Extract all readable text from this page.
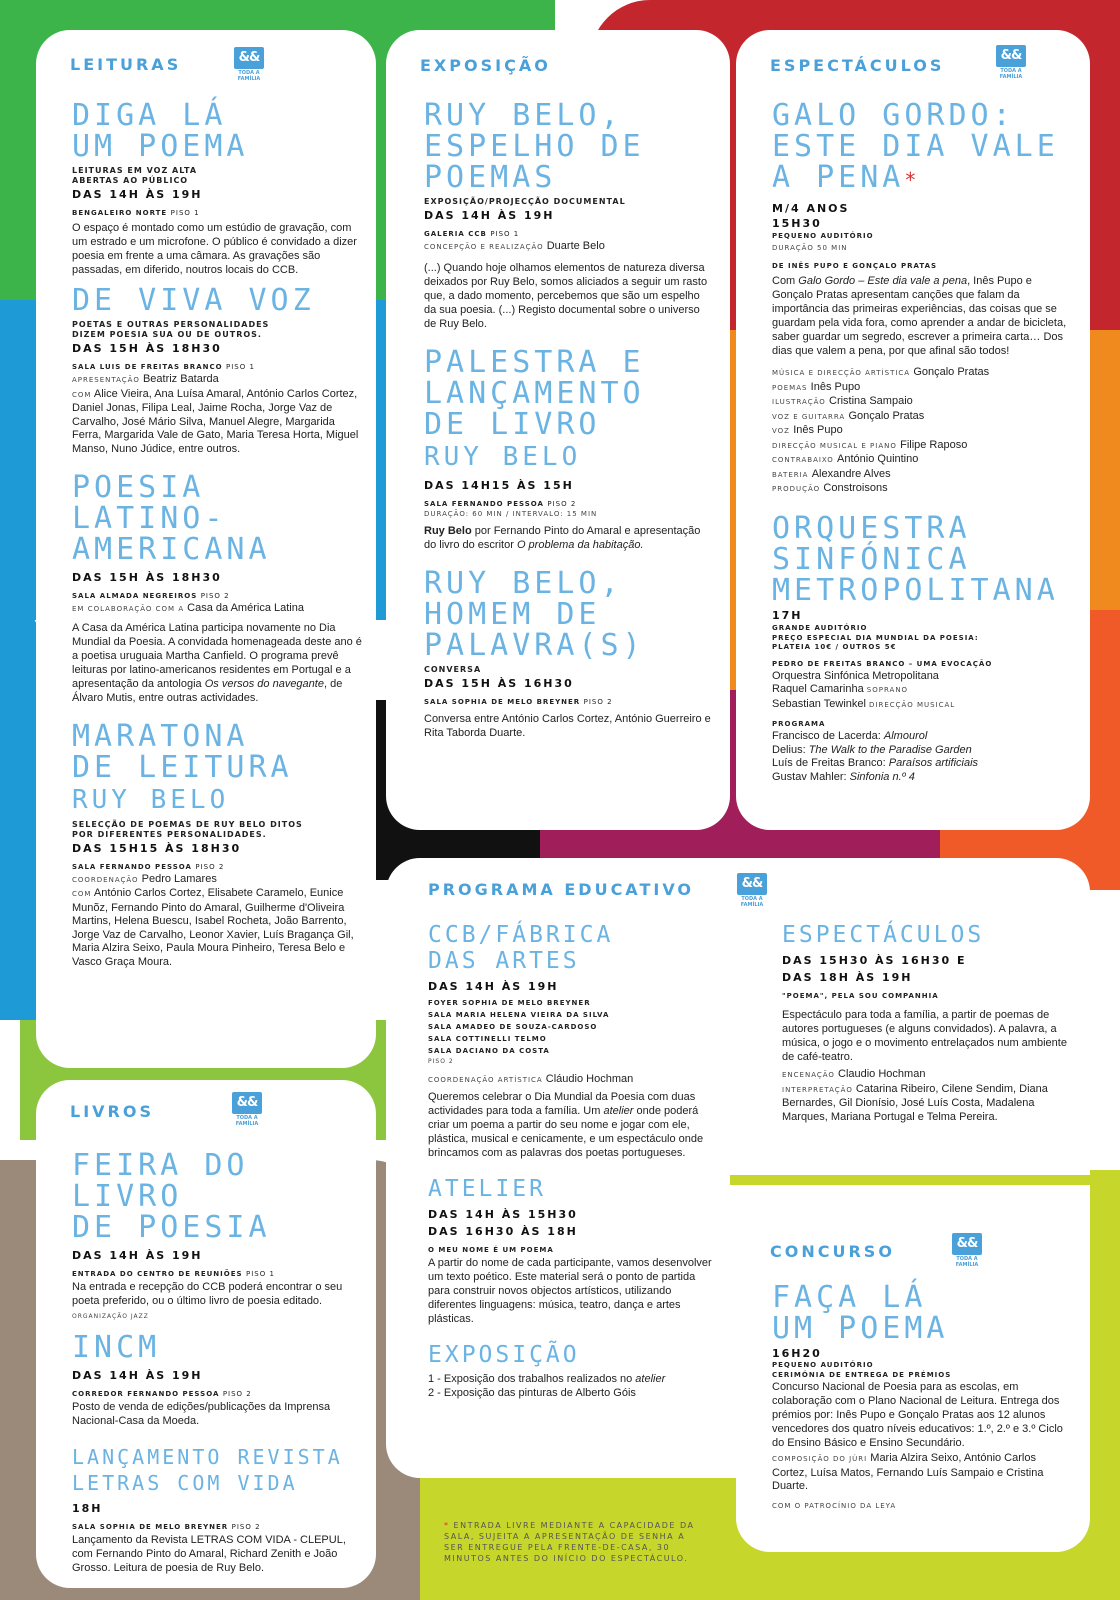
LEITURAS	&&
TODA A FAMÍLIA
DIGA LÁ
UM POEMA
LEITURAS EM VOZ ALTA
ABERTAS AO PÚBLICO
DAS 14H ÀS 19H
BENGALEIRO NORTE PISO 1
O espaço é montado como um estúdio de gravação, com um estrado e um microfone. O público é convidado a dizer poesia em frente a uma câmara. As gravações são passadas, em diferido, noutros locais do CCB.
DE VIVA VOZ
POETAS E OUTRAS PERSONALIDADES
DIZEM POESIA SUA OU DE OUTROS.
DAS 15H ÀS 18H30
SALA LUIS DE FREITAS BRANCO PISO 1
APRESENTAÇÃO Beatriz Batarda
COM Alice Vieira, Ana Luísa Amaral, António Carlos Cortez, Daniel Jonas, Filipa Leal, Jaime Rocha, Jorge Vaz de Carvalho, José Mário Silva, Manuel Alegre, Margarida Ferra, Margarida Vale de Gato, Maria Teresa Horta, Miguel Manso, Nuno Júdice, entre outros.
POESIA LATINO-
AMERICANA
DAS 15H ÀS 18H30
SALA ALMADA NEGREIROS PISO 2
EM COLABORAÇÃO COM A Casa da América Latina
A Casa da América Latina participa novamente no Dia Mundial da Poesia. A convidada homenageada deste ano é a poetisa uruguaia Martha Canfield. O programa prevê leituras por latino-americanos residentes em Portugal e a apresentação da antologia Os versos do navegante, de Álvaro Mutis, entre outras actividades.
MARATONA
DE LEITURA
RUY BELO
SELECÇÃO DE POEMAS DE RUY BELO DITOS
POR DIFERENTES PERSONALIDADES.
DAS 15H15 ÀS 18H30
SALA FERNANDO PESSOA PISO 2
COORDENAÇÃO Pedro Lamares
COM António Carlos Cortez, Elisabete Caramelo, Eunice Munõz, Fernando Pinto do Amaral, Guilherme d'Oliveira Martins, Helena Buescu, Isabel Rocheta, João Barrento, Jorge Vaz de Carvalho, Leonor Xavier, Luís Bragança Gil, Maria Alzira Seixo, Paula Moura Pinheiro, Teresa Belo e Vasco Graça Moura.
EXPOSIÇÃO
RUY BELO,
ESPELHO DE
POEMAS
EXPOSIÇÃO/PROJECÇÃO DOCUMENTAL
DAS 14H ÀS 19H
GALERIA CCB PISO 1
CONCEPÇÃO E REALIZAÇÃO Duarte Belo
(...) Quando hoje olhamos elementos de natureza diversa deixados por Ruy Belo, somos aliciados a seguir um rasto que, a dado momento, percebemos que são um espelho da sua poesia. (...) Registo documental sobre o universo de Ruy Belo.
PALESTRA E
LANÇAMENTO
DE LIVRO
RUY BELO
DAS 14H15 ÀS 15H
SALA FERNANDO PESSOA PISO 2
DURAÇÃO: 60 MIN / INTERVALO: 15 MIN
Ruy Belo por Fernando Pinto do Amaral e apresentação do livro do escritor O problema da habitação.
RUY BELO,
HOMEM DE
PALAVRA(S)
CONVERSA
DAS 15H ÀS 16H30
SALA SOPHIA DE MELO BREYNER PISO 2
Conversa entre António Carlos Cortez, António Guerreiro e Rita Taborda Duarte.
ESPECTÁCULOS
&&
TODA A FAMÍLIA
GALO GORDO:
ESTE DIA VALE
A PENA*
M/4 ANOS
15H30
PEQUENO AUDITÓRIO
DURAÇÃO 50 MIN
DE INÊS PUPO E GONÇALO PRATAS
Com Galo Gordo – Este dia vale a pena, Inês Pupo e Gonçalo Pratas apresentam canções que falam da importância das primeiras experiências, das coisas que se guardam pela vida fora, como aprender a andar de bicicleta, saber guardar um segredo, escrever a primeira carta… Dos dias que valem a pena, por que afinal são todos!
MÚSICA E DIRECÇÃO ARTÍSTICA Gonçalo Pratas
POEMAS Inês Pupo
ILUSTRAÇÃO Cristina Sampaio
VOZ E GUITARRA Gonçalo Pratas
VOZ Inês Pupo
DIRECÇÃO MUSICAL E PIANO Filipe Raposo
CONTRABAIXO António Quintino
BATERIA Alexandre Alves
PRODUÇÃO Constroisons
ORQUESTRA
SINFÓNICA
METROPOLITANA
17H
GRANDE AUDITÓRIO
PREÇO ESPECIAL DIA MUNDIAL DA POESIA:
PLATEIA 10€ / OUTROS 5€
PEDRO DE FREITAS BRANCO – UMA EVOCAÇÃO
Orquestra Sinfónica Metropolitana
Raquel Camarinha SOPRANO
Sebastian Tewinkel DIRECÇÃO MUSICAL
PROGRAMA
Francisco de Lacerda: Almourol
Delius: The Walk to the Paradise Garden
Luís de Freitas Branco: Paraísos artificiais
Gustav Mahler: Sinfonia n.º 4
PROGRAMA EDUCATIVO	&&
TODA A FAMÍLIA
CCB/FÁBRICA
DAS ARTES
DAS 14H ÀS 19H
FOYER SOPHIA DE MELO BREYNER
SALA MARIA HELENA VIEIRA DA SILVA
SALA AMADEO DE SOUZA-CARDOSO
SALA COTTINELLI TELMO
SALA DACIANO DA COSTA
PISO 2
COORDENAÇÃO ARTÍSTICA Cláudio Hochman
Queremos celebrar o Dia Mundial da Poesia com duas actividades para toda a família. Um atelier onde poderá criar um poema a partir do seu nome e jogar com ele, plástica, musical e cenicamente, e um espectáculo onde brincamos com as palavras dos poetas portugueses.
ATELIER
DAS 14H ÀS 15H30
DAS 16H30 ÀS 18H
O MEU NOME É UM POEMA
A partir do nome de cada participante, vamos desenvolver um texto poético. Este material será o ponto de partida para construir novos objectos artísticos, utilizando diferentes linguagens: música, teatro, dança e artes plásticas.
EXPOSIÇÃO
1 - Exposição dos trabalhos realizados no atelier
2 - Exposição das pinturas de Alberto Góis
ESPECTÁCULOS
DAS 15H30 ÀS 16H30 E
DAS 18H ÀS 19H
"POEMA", PELA SOU COMPANHIA
Espectáculo para toda a família, a partir de poemas de autores portugueses (e alguns convidados). A palavra, a música, o jogo e o movimento entrelaçados num ambiente de café-teatro.
ENCENAÇÃO Claudio Hochman
INTERPRETAÇÃO Catarina Ribeiro, Cilene Sendim, Diana Bernardes, Gil Dionísio, José Luís Costa, Madalena Marques, Mariana Portugal e Telma Pereira.
* ENTRADA LIVRE MEDIANTE A CAPACIDADE DA SALA, SUJEITA A APRESENTAÇÃO DE SENHA A SER ENTREGUE PELA FRENTE-DE-CASA, 30 MINUTOS ANTES DO INÍCIO DO ESPECTÁCULO.
LIVROS	&&
TODA A FAMÍLIA
FEIRA DO LIVRO
DE POESIA
DAS 14H ÀS 19H
ENTRADA DO CENTRO DE REUNIÕES PISO 1
Na entrada e recepção do CCB poderá encontrar o seu poeta preferido, ou o último livro de poesia editado. ORGANIZAÇÃO JAZZ
INCM
DAS 14H ÀS 19H
CORREDOR FERNANDO PESSOA PISO 2
Posto de venda de edições/publicações da Imprensa Nacional-Casa da Moeda.
LANÇAMENTO REVISTA
LETRAS COM VIDA
18H
SALA SOPHIA DE MELO BREYNER PISO 2
Lançamento da Revista LETRAS COM VIDA - CLEPUL, com Fernando Pinto do Amaral, Richard Zenith e João Grosso. Leitura de poesia de Ruy Belo.
CONCURSO	&&
TODA A FAMÍLIA
FAÇA LÁ
UM POEMA
16H20
PEQUENO AUDITÓRIO
CERIMÓNIA DE ENTREGA DE PRÉMIOS
Concurso Nacional de Poesia para as escolas, em colaboração com o Plano Nacional de Leitura. Entrega dos prémios por: Inês Pupo e Gonçalo Pratas aos 12 alunos vencedores dos quatro níveis educativos: 1.º, 2.º e 3.º Ciclo do Ensino Básico e Ensino Secundário.
COMPOSIÇÃO DO JÚRI Maria Alzira Seixo, António Carlos Cortez, Luísa Matos, Fernando Luís Sampaio e Cristina Duarte.
COM O PATROCÍNIO DA LEYA
